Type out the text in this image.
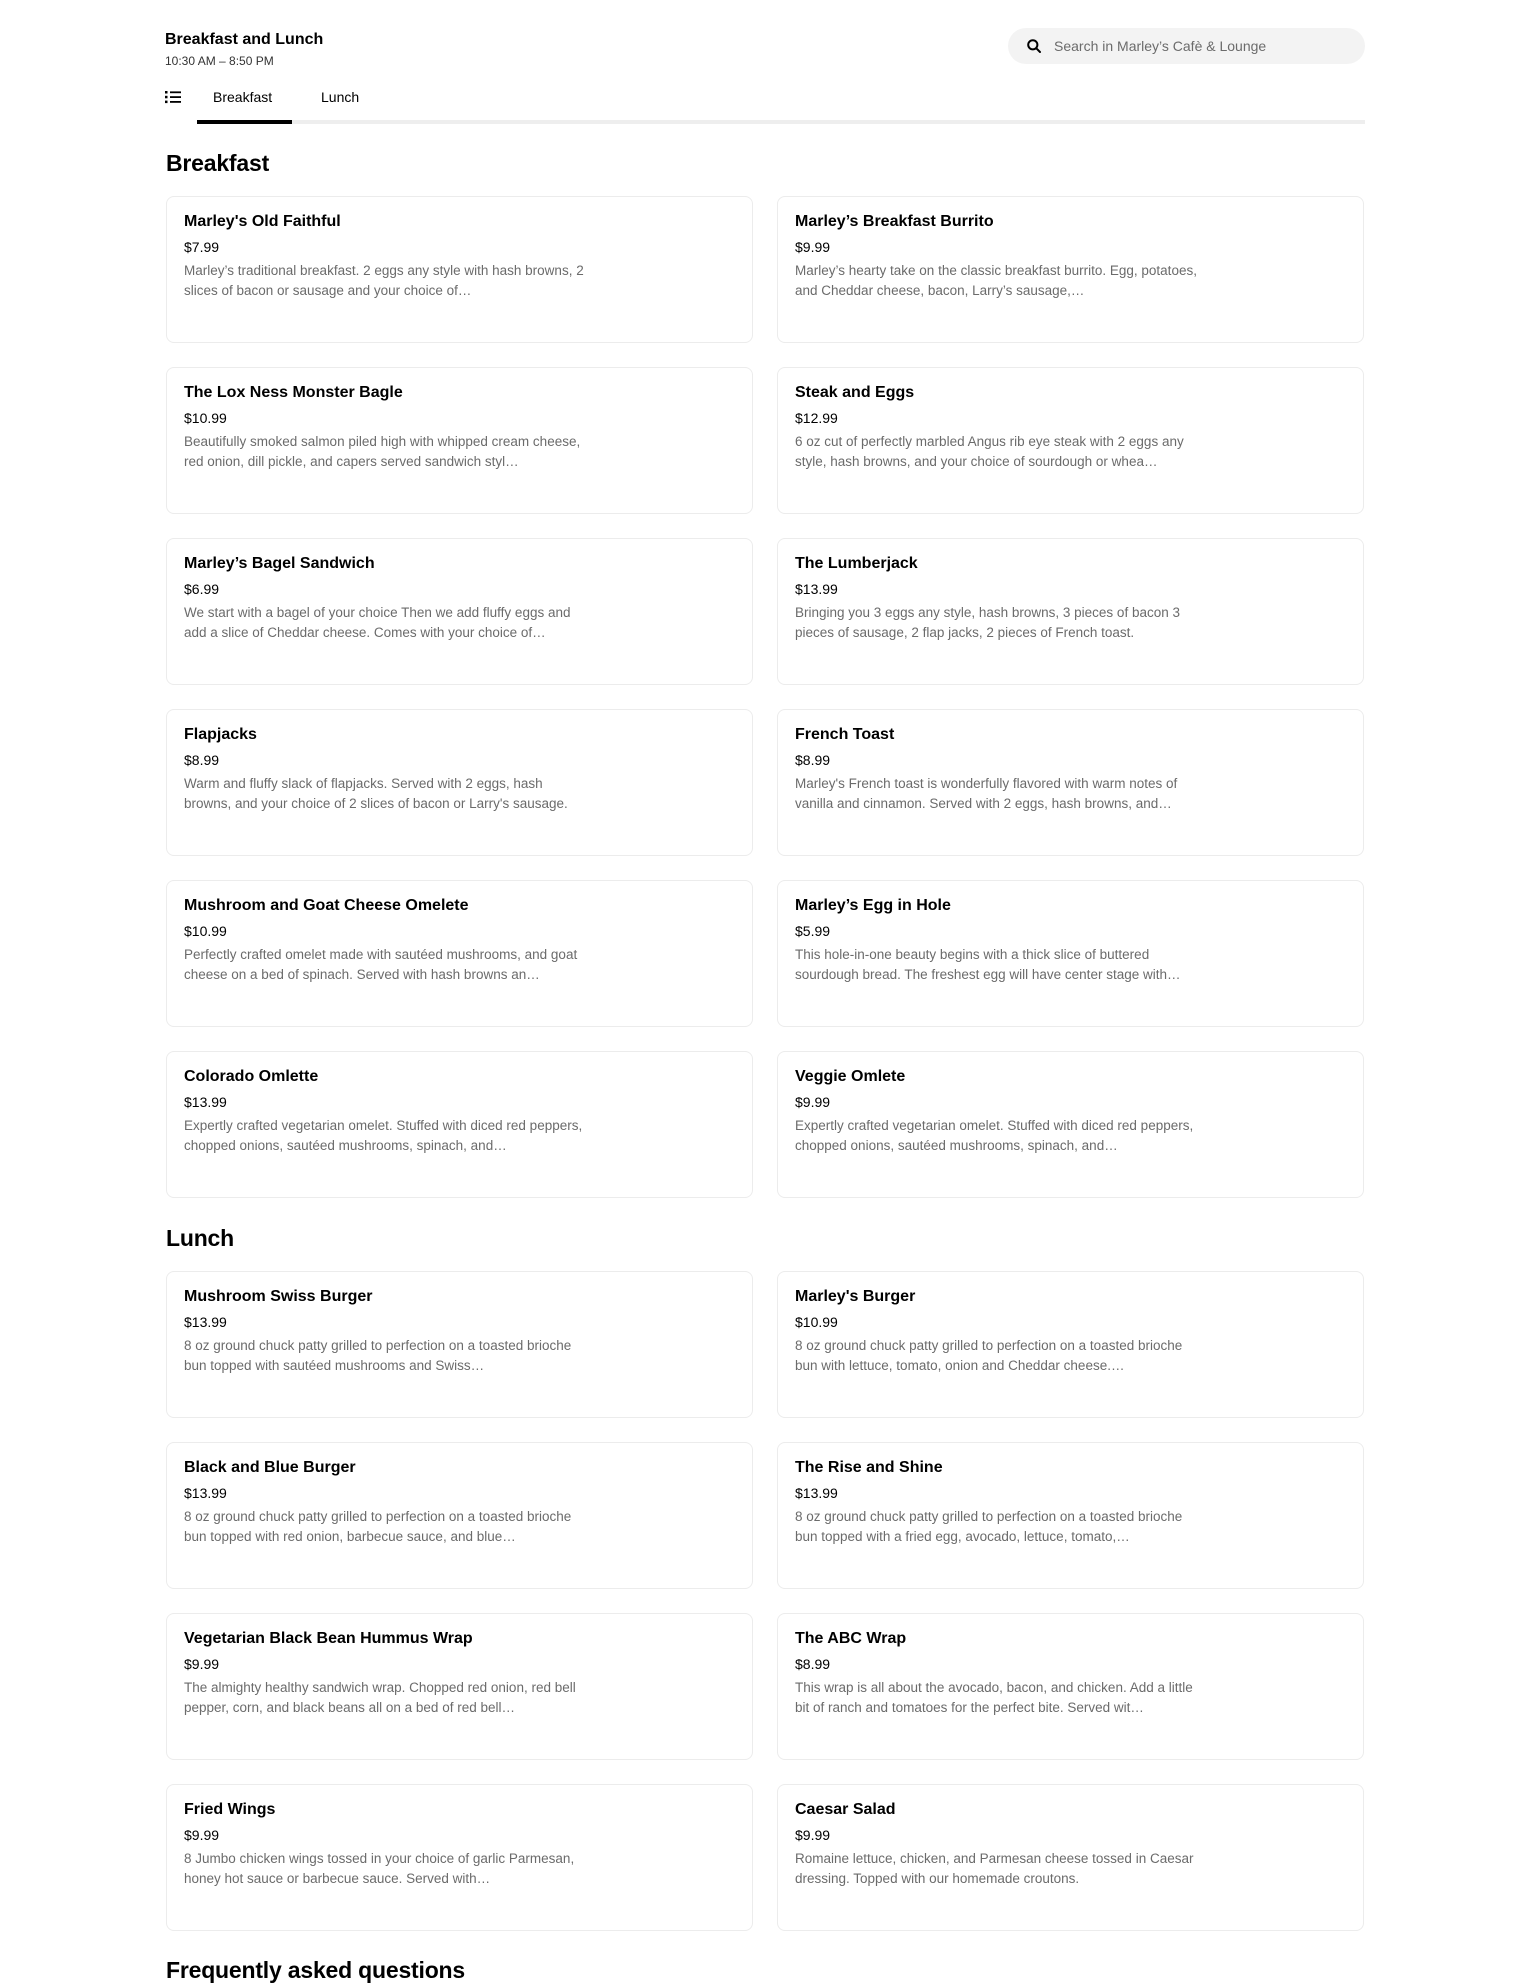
Breakfast and Lunch
10:30 AM – 8:50 PM
Search in Marley’s Cafè & Lounge
Breakfast	Lunch
Breakfast
Marley's Old Faithful
$7.99
Marley’s traditional breakfast. 2 eggs any style with hash browns, 2 slices of bacon or sausage and your choice of…
Marley’s Breakfast Burrito
$9.99
Marley’s hearty take on the classic breakfast burrito. Egg, potatoes, and Cheddar cheese, bacon, Larry’s sausage,…
The Lox Ness Monster Bagle
$10.99
Beautifully smoked salmon piled high with whipped cream cheese, red onion, dill pickle, and capers served sandwich styl…
Steak and Eggs
$12.99
6 oz cut of perfectly marbled Angus rib eye steak with 2 eggs any style, hash browns, and your choice of sourdough or whea…
Marley’s Bagel Sandwich
$6.99
We start with a bagel of your choice Then we add fluffy eggs and add a slice of Cheddar cheese. Comes with your choice of…
The Lumberjack
$13.99
Bringing you 3 eggs any style, hash browns, 3 pieces of bacon 3 pieces of sausage, 2 flap jacks, 2 pieces of French toast.
Flapjacks
$8.99
Warm and fluffy slack of flapjacks. Served with 2 eggs, hash browns, and your choice of 2 slices of bacon or Larry's sausage.
French Toast
$8.99
Marley's French toast is wonderfully flavored with warm notes of vanilla and cinnamon. Served with 2 eggs, hash browns, and…
Mushroom and Goat Cheese Omelete
$10.99
Perfectly crafted omelet made with sautéed mushrooms, and goat cheese on a bed of spinach. Served with hash browns an…
Marley’s Egg in Hole
$5.99
This hole-in-one beauty begins with a thick slice of buttered sourdough bread. The freshest egg will have center stage with…
Colorado Omlette
$13.99
Expertly crafted vegetarian omelet. Stuffed with diced red peppers, chopped onions, sautéed mushrooms, spinach, and…
Veggie Omlete
$9.99
Expertly crafted vegetarian omelet. Stuffed with diced red peppers, chopped onions, sautéed mushrooms, spinach, and…
Lunch
Mushroom Swiss Burger
$13.99
8 oz ground chuck patty grilled to perfection on a toasted brioche bun topped with sautéed mushrooms and Swiss…
Marley's Burger
$10.99
8 oz ground chuck patty grilled to perfection on a toasted brioche bun with lettuce, tomato, onion and Cheddar cheese.…
Black and Blue Burger
$13.99
8 oz ground chuck patty grilled to perfection on a toasted brioche bun topped with red onion, barbecue sauce, and blue…
The Rise and Shine
$13.99
8 oz ground chuck patty grilled to perfection on a toasted brioche bun topped with a fried egg, avocado, lettuce, tomato,…
Vegetarian Black Bean Hummus Wrap
$9.99
The almighty healthy sandwich wrap. Chopped red onion, red bell pepper, corn, and black beans all on a bed of red bell…
The ABC Wrap
$8.99
This wrap is all about the avocado, bacon, and chicken. Add a little bit of ranch and tomatoes for the perfect bite. Served wit…
Fried Wings
$9.99
8 Jumbo chicken wings tossed in your choice of garlic Parmesan, honey hot sauce or barbecue sauce. Served with…
Caesar Salad
$9.99
Romaine lettuce, chicken, and Parmesan cheese tossed in Caesar dressing. Topped with our homemade croutons.
Frequently asked questions
